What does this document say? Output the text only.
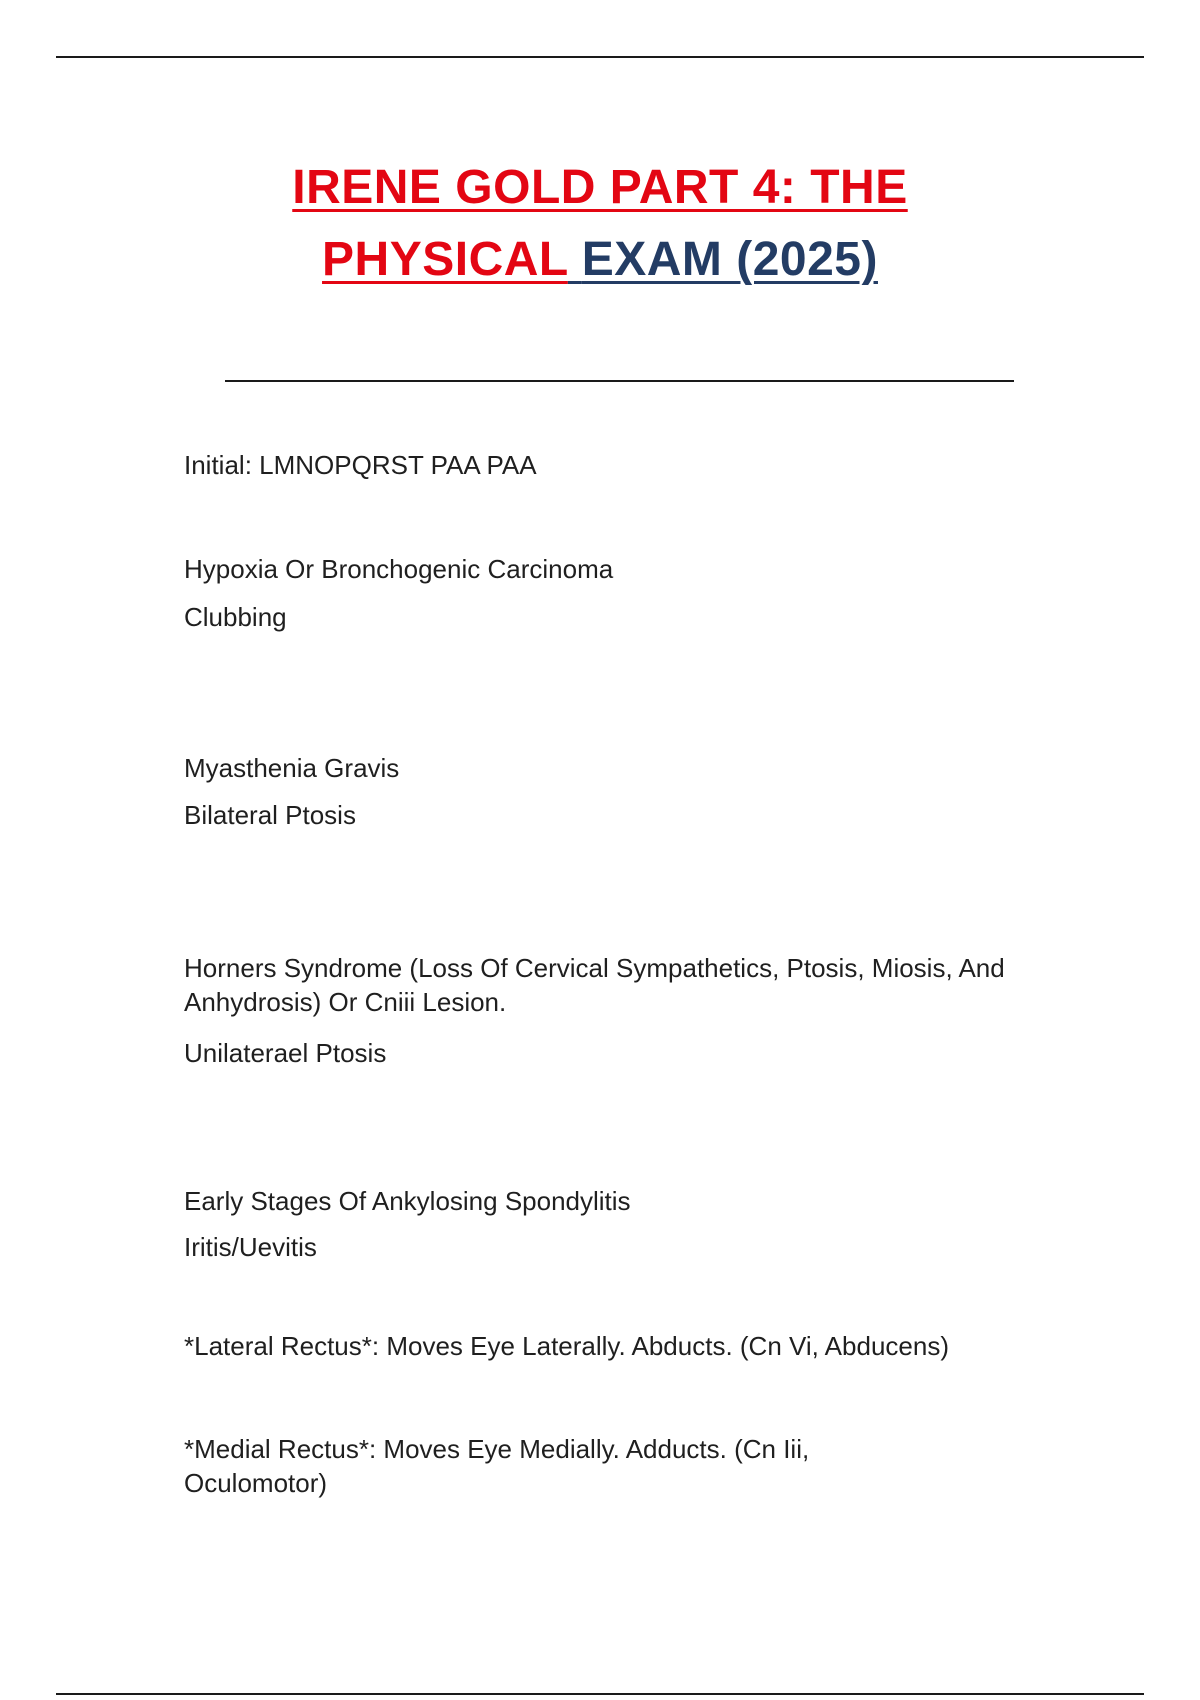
IRENE GOLD PART 4: THE
PHYSICAL EXAM (2025)
Initial: LMNOPQRST PAA PAA
Hypoxia Or Bronchogenic Carcinoma
Clubbing
Myasthenia Gravis
Bilateral Ptosis
Horners Syndrome (Loss Of Cervical Sympathetics, Ptosis, Miosis, And Anhydrosis) Or Cniii Lesion.
Unilaterael Ptosis
Early Stages Of Ankylosing Spondylitis
Iritis/Uevitis
*Lateral Rectus*: Moves Eye Laterally. Abducts. (Cn Vi, Abducens)
*Medial Rectus*: Moves Eye Medially. Adducts. (Cn Iii, Oculomotor)
